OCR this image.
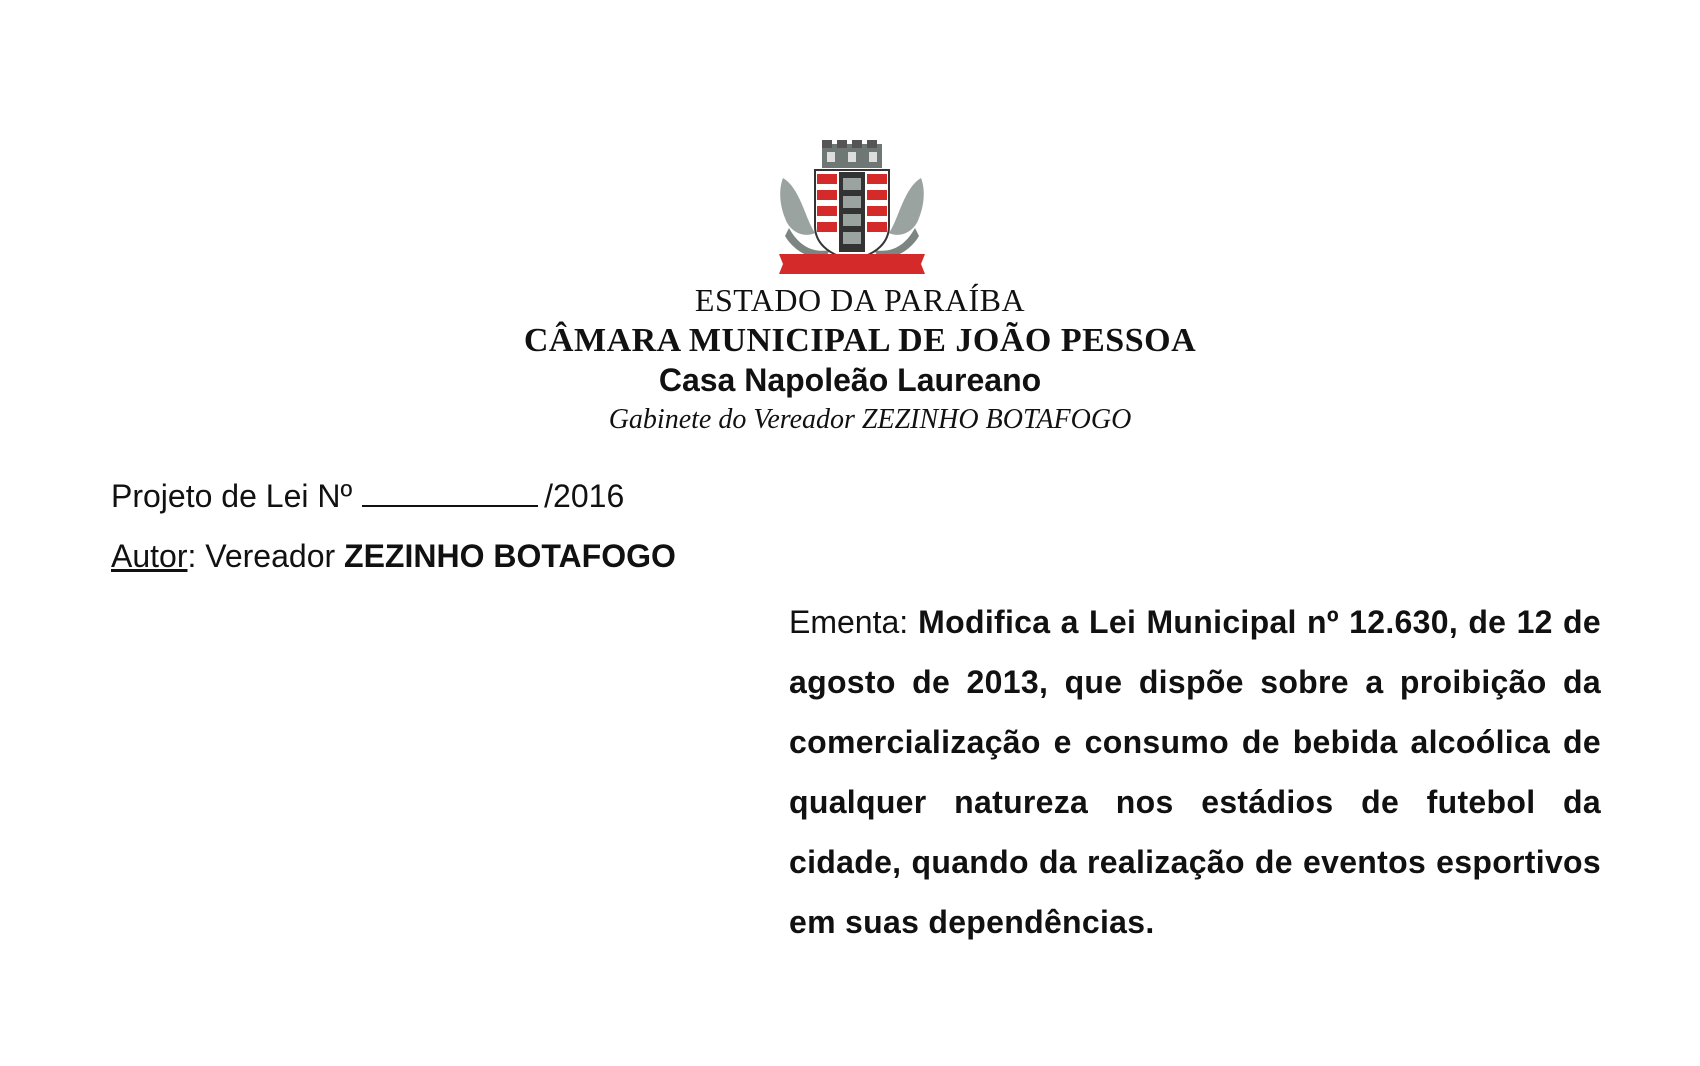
ESTADO DA PARAÍBA
CÂMARA MUNICIPAL DE JOÃO PESSOA
Casa Napoleão Laureano
Gabinete do Vereador ZEZINHO BOTAFOGO
Projeto de Lei Nº	/2016
Autor: Vereador ZEZINHO BOTAFOGO
Ementa: Modifica a Lei Municipal nº 12.630, de 12 de agosto de 2013, que dispõe sobre a proibição da comercialização e consumo de bebida alcoólica de qualquer natureza nos estádios de futebol da cidade, quando da realização de eventos esportivos em suas dependências.
